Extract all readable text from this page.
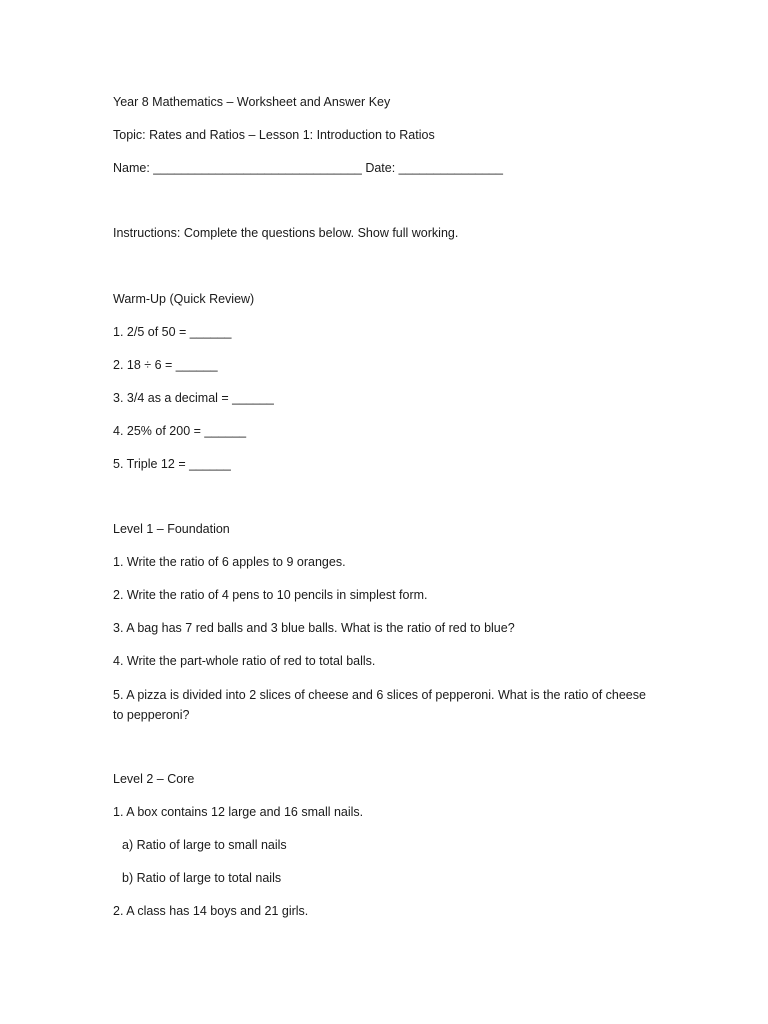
Year 8 Mathematics – Worksheet and Answer Key
Topic: Rates and Ratios – Lesson 1: Introduction to Ratios
Name: ______________________________ Date: _______________
Instructions: Complete the questions below. Show full working.
Warm-Up (Quick Review)
1. 2/5 of 50 = ______
2. 18 ÷ 6 = ______
3. 3/4 as a decimal = ______
4. 25% of 200 = ______
5. Triple 12 = ______
Level 1 – Foundation
1. Write the ratio of 6 apples to 9 oranges.
2. Write the ratio of 4 pens to 10 pencils in simplest form.
3. A bag has 7 red balls and 3 blue balls. What is the ratio of red to blue?
4. Write the part-whole ratio of red to total balls.
5. A pizza is divided into 2 slices of cheese and 6 slices of pepperoni. What is the ratio of cheese to pepperoni?
Level 2 – Core
1. A box contains 12 large and 16 small nails.
a) Ratio of large to small nails
b) Ratio of large to total nails
2. A class has 14 boys and 21 girls.
